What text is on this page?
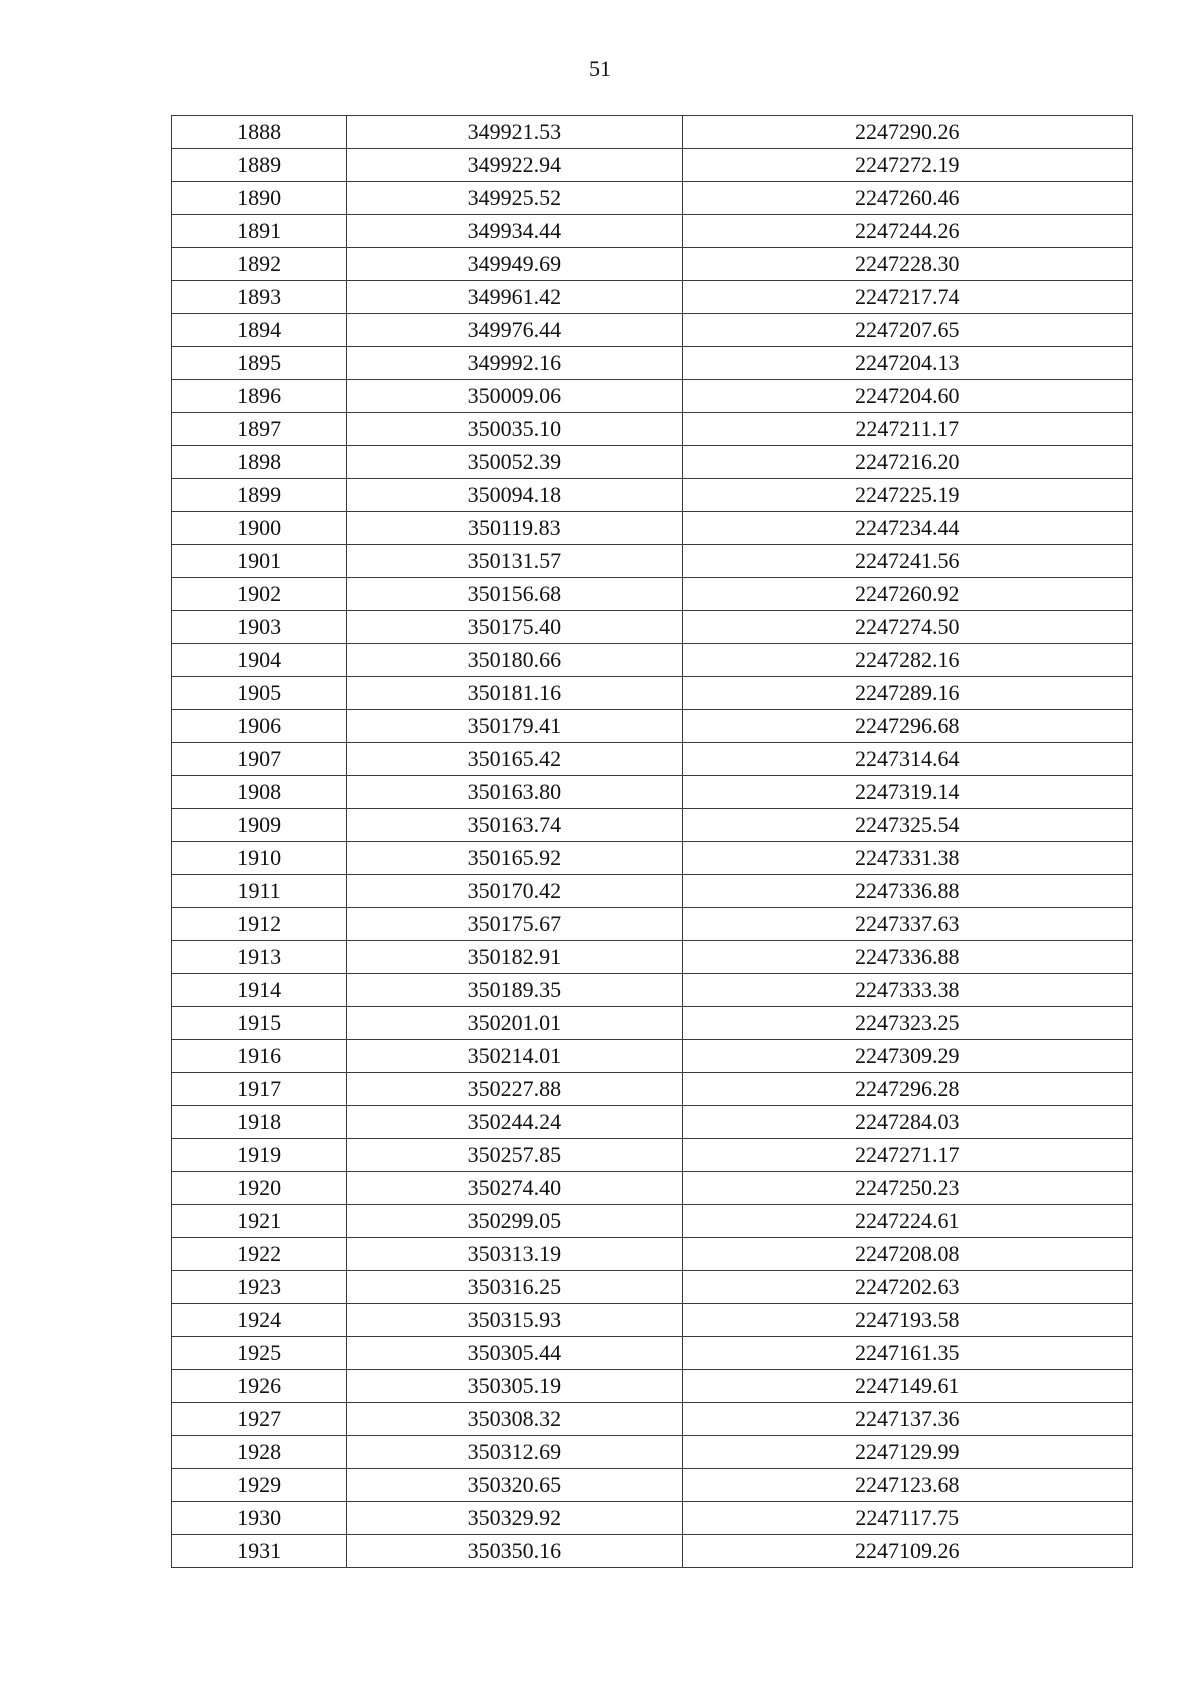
51
1888	349921.53	2247290.26
1889	349922.94	2247272.19
1890	349925.52	2247260.46
1891	349934.44	2247244.26
1892	349949.69	2247228.30
1893	349961.42	2247217.74
1894	349976.44	2247207.65
1895	349992.16	2247204.13
1896	350009.06	2247204.60
1897	350035.10	2247211.17
1898	350052.39	2247216.20
1899	350094.18	2247225.19
1900	350119.83	2247234.44
1901	350131.57	2247241.56
1902	350156.68	2247260.92
1903	350175.40	2247274.50
1904	350180.66	2247282.16
1905	350181.16	2247289.16
1906	350179.41	2247296.68
1907	350165.42	2247314.64
1908	350163.80	2247319.14
1909	350163.74	2247325.54
1910	350165.92	2247331.38
1911	350170.42	2247336.88
1912	350175.67	2247337.63
1913	350182.91	2247336.88
1914	350189.35	2247333.38
1915	350201.01	2247323.25
1916	350214.01	2247309.29
1917	350227.88	2247296.28
1918	350244.24	2247284.03
1919	350257.85	2247271.17
1920	350274.40	2247250.23
1921	350299.05	2247224.61
1922	350313.19	2247208.08
1923	350316.25	2247202.63
1924	350315.93	2247193.58
1925	350305.44	2247161.35
1926	350305.19	2247149.61
1927	350308.32	2247137.36
1928	350312.69	2247129.99
1929	350320.65	2247123.68
1930	350329.92	2247117.75
1931	350350.16	2247109.26
